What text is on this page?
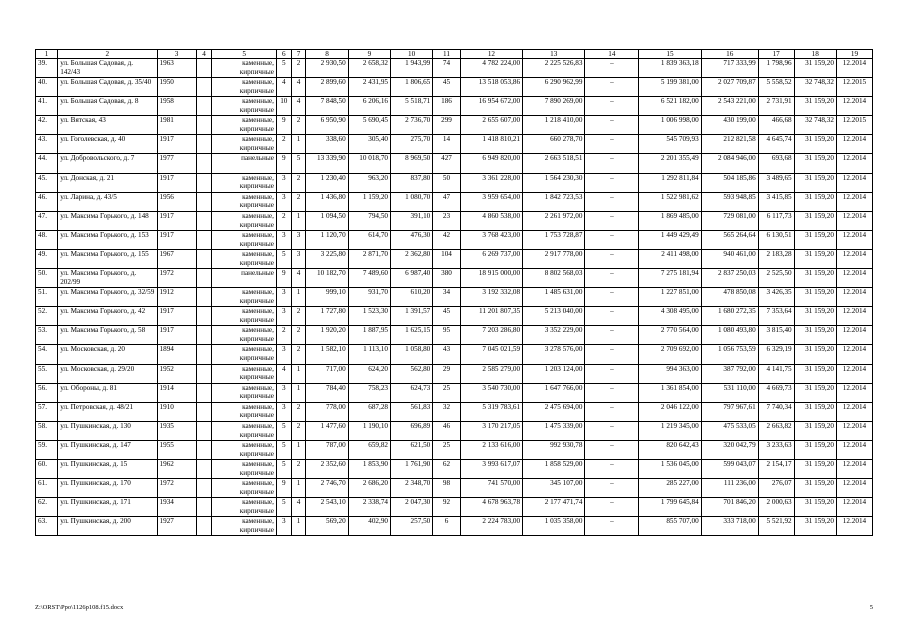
1	2	3	4	5	6	7	8	9	10	11	12	13	14	15	16	17	18	19
39.	ул. Большая Садовая, д. 142/43	1963		каменные, кирпичные	5	2	2 930,50	2 658,32	1 943,99	74	4 782 224,00	2 225 526,83	–	1 839 363,18	717 333,99	1 798,96	31 159,20	12.2014
40.	ул. Большая Садовая, д. 35/40	1950		каменные, кирпичные	4	4	2 899,60	2 431,95	1 806,65	45	13 518 053,86	6 290 962,99	–	5 199 381,00	2 027 709,87	5 558,52	32 748,32	12.2015
41.	ул. Большая Садовая, д. 8	1958		каменные, кирпичные	10	4	7 848,50	6 206,16	5 518,71	186	16 954 672,00	7 890 269,00	–	6 521 182,00	2 543 221,00	2 731,91	31 159,20	12.2014
42.	ул. Вятская, 43	1981		каменные, кирпичные	9	2	6 950,90	5 690,45	2 736,70	299	2 655 607,00	1 218 410,00	–	1 006 998,00	430 199,00	466,68	32 748,32	12.2015
43.	ул. Гоголевская, д. 40	1917		каменные, кирпичные	2	1	338,60	305,40	275,70	14	1 418 810,21	660 278,70	–	545 709,93	212 821,58	4 645,74	31 159,20	12.2014
44.	ул. Добровольского, д. 7	1977		панельные	9	5	13 339,90	10 018,70	8 969,50	427	6 949 820,00	2 663 518,51	–	2 201 355,49	2 084 946,00	693,68	31 159,20	12.2014
45.	ул. Донская, д. 21	1917		каменные, кирпичные	3	2	1 230,40	963,20	837,80	50	3 361 228,00	1 564 230,30	–	1 292 811,84	504 185,86	3 489,65	31 159,20	12.2014
46.	ул. Ларина, д. 43/5	1956		каменные, кирпичные	3	2	1 436,80	1 159,20	1 080,70	47	3 959 654,00	1 842 723,53	–	1 522 981,62	593 948,85	3 415,85	31 159,20	12.2014
47.	ул. Максима Горького, д. 148	1917		каменные, кирпичные	2	1	1 094,50	794,50	391,10	23	4 860 538,00	2 261 972,00	–	1 869 485,00	729 081,00	6 117,73	31 159,20	12.2014
48.	ул. Максима Горького, д. 153	1917		каменные, кирпичные	3	3	1 120,70	614,70	476,30	42	3 768 423,00	1 753 728,87	–	1 449 429,49	565 264,64	6 130,51	31 159,20	12.2014
49.	ул. Максима Горького, д. 155	1967		каменные, кирпичные	5	3	3 225,80	2 871,70	2 362,80	104	6 269 737,00	2 917 778,00	–	2 411 498,00	940 461,00	2 183,28	31 159,20	12.2014
50.	ул. Максима Горького, д. 202/99	1972		панельные	9	4	10 182,70	7 489,60	6 987,40	380	18 915 000,00	8 802 568,03	–	7 275 181,94	2 837 250,03	2 525,50	31 159,20	12.2014
51.	ул. Максима Горького, д. 32/59	1912		каменные, кирпичные	3	1	999,10	931,70	610,20	34	3 192 332,08	1 485 631,00	–	1 227 851,00	478 850,08	3 426,35	31 159,20	12.2014
52.	ул. Максима Горького, д. 42	1917		каменные, кирпичные	3	2	1 727,80	1 523,30	1 391,57	45	11 201 807,35	5 213 040,00	–	4 308 495,00	1 680 272,35	7 353,64	31 159,20	12.2014
53.	ул. Максима Горького, д. 58	1917		каменные, кирпичные	2	2	1 920,20	1 887,95	1 625,15	95	7 203 286,80	3 352 229,00	–	2 770 564,00	1 080 493,80	3 815,40	31 159,20	12.2014
54.	ул. Московская, д. 20	1894		каменные, кирпичные	3	2	1 582,10	1 113,10	1 058,80	43	7 045 021,59	3 278 576,00	–	2 709 692,00	1 056 753,59	6 329,19	31 159,20	12.2014
55.	ул. Московская, д. 29/20	1952		каменные, кирпичные	4	1	717,00	624,20	562,80	29	2 585 279,00	1 203 124,00	–	994 363,00	387 792,00	4 141,75	31 159,20	12.2014
56.	ул. Обороны, д. 81	1914		каменные, кирпичные	3	1	784,40	758,23	624,73	25	3 540 730,00	1 647 766,00	–	1 361 854,00	531 110,00	4 669,73	31 159,20	12.2014
57.	ул. Петровская, д. 48/21	1910		каменные, кирпичные	3	2	778,00	687,28	561,83	32	5 319 783,61	2 475 694,00	–	2 046 122,00	797 967,61	7 740,34	31 159,20	12.2014
58.	ул. Пушкинская, д. 130	1935		каменные, кирпичные	5	2	1 477,60	1 190,10	696,89	46	3 170 217,05	1 475 339,00	–	1 219 345,00	475 533,05	2 663,82	31 159,20	12.2014
59.	ул. Пушкинская, д. 147	1955		каменные, кирпичные	5	1	787,00	659,82	621,50	25	2 133 616,00	992 930,78	–	820 642,43	320 042,79	3 233,63	31 159,20	12.2014
60.	ул. Пушкинская, д. 15	1962		каменные, кирпичные	5	2	2 352,60	1 853,90	1 761,90	62	3 993 617,07	1 858 529,00	–	1 536 045,00	599 043,07	2 154,17	31 159,20	12.2014
61.	ул. Пушкинская, д. 170	1972		каменные, кирпичные	9	1	2 746,70	2 686,20	2 348,70	98	741 570,00	345 107,00	–	285 227,00	111 236,00	276,07	31 159,20	12.2014
62.	ул. Пушкинская, д. 171	1934		каменные, кирпичные	5	4	2 543,10	2 338,74	2 047,30	92	4 678 963,78	2 177 471,74	–	1 799 645,84	701 846,20	2 000,63	31 159,20	12.2014
63.	ул. Пушкинская, д. 200	1927		каменные, кирпичные	3	1	569,20	402,90	257,50	6	2 224 783,00	1 035 358,00	–	855 707,00	333 718,00	5 521,92	31 159,20	12.2014
Z:\ORST\Ppo\1126p108.f15.docx	5
